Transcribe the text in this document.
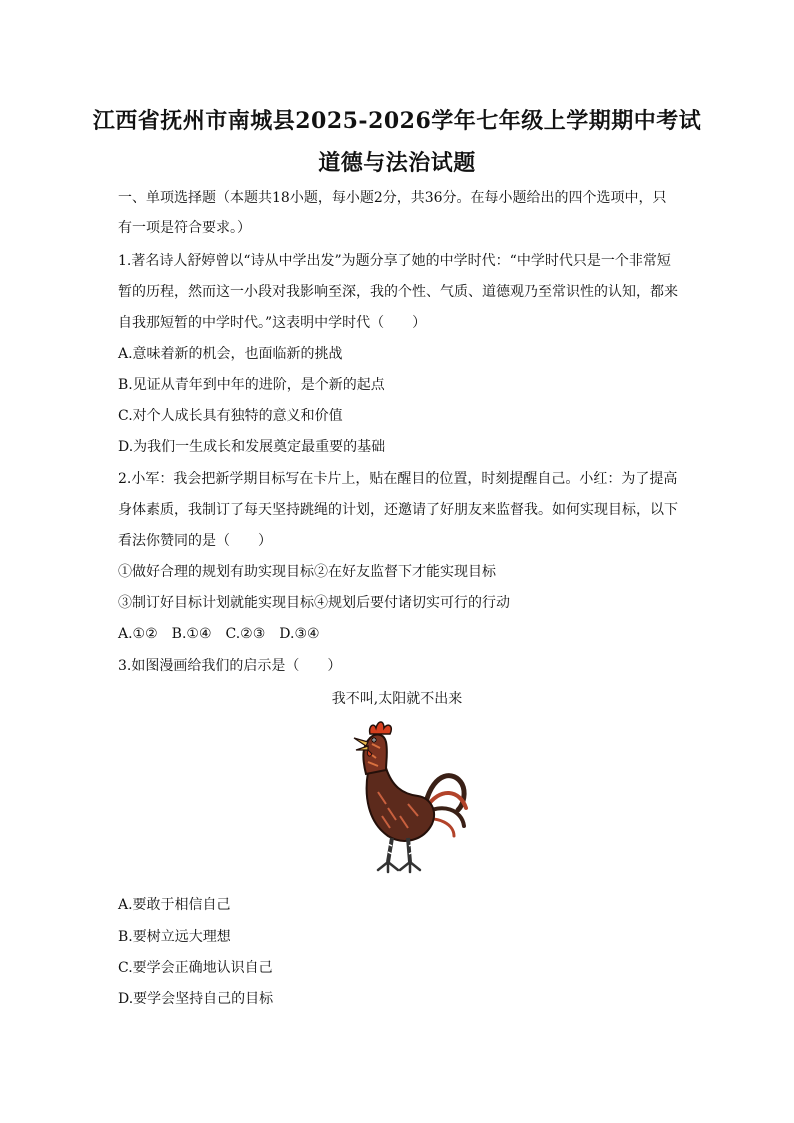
江西省抚州市南城县2025-2026学年七年级上学期期中考试
道德与法治试题
一、单项选择题（本题共18小题，每小题2分，共36分。在每小题给出的四个选项中，只
有一项是符合要求。）
1.著名诗人舒婷曾以“诗从中学出发”为题分享了她的中学时代：“中学时代只是一个非常短
暂的历程，然而这一小段对我影响至深，我的个性、气质、道德观乃至常识性的认知，都来
自我那短暂的中学时代。”这表明中学时代（　　）
A.意味着新的机会，也面临新的挑战
B.见证从青年到中年的进阶，是个新的起点
C.对个人成长具有独特的意义和价值
D.为我们一生成长和发展奠定最重要的基础
2.小军：我会把新学期目标写在卡片上，贴在醒目的位置，时刻提醒自己。小红：为了提高
身体素质，我制订了每天坚持跳绳的计划，还邀请了好朋友来监督我。如何实现目标，以下
看法你赞同的是（　　）
①做好合理的规划有助实现目标②在好友监督下才能实现目标
③制订好目标计划就能实现目标④规划后要付诸切实可行的行动
A.①②　B.①④　C.②③　D.③④
3.如图漫画给我们的启示是（　　）
我不叫,太阳就不出来
A.要敢于相信自己
B.要树立远大理想
C.要学会正确地认识自己
D.要学会坚持自己的目标
